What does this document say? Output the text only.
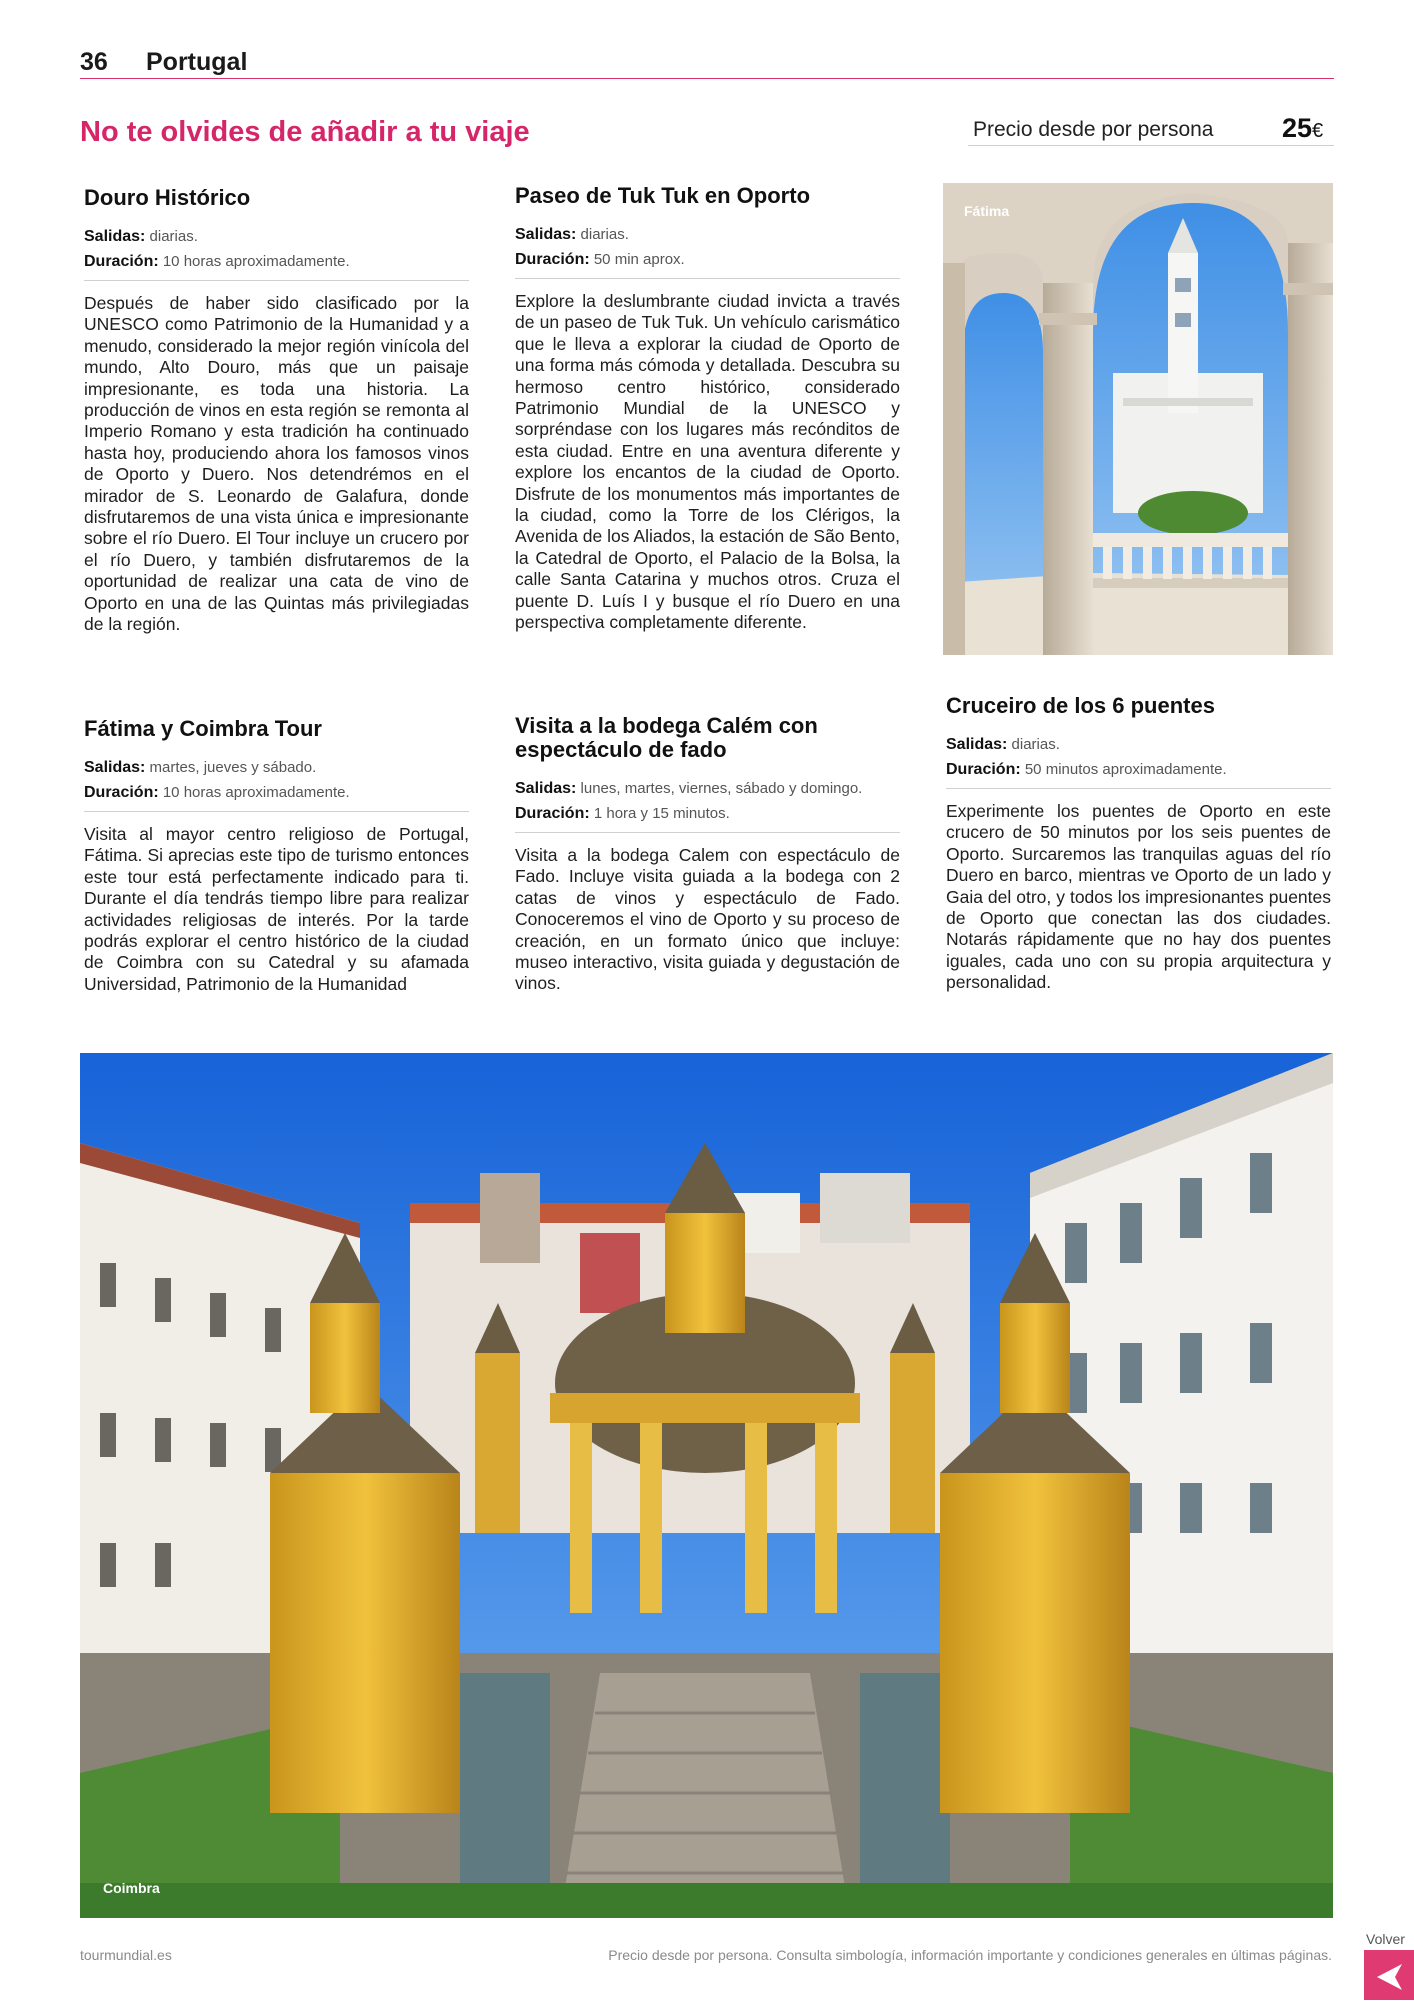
36 Portugal
No te olvides de añadir a tu viaje	Precio desde por persona	25€
Douro Histórico
Salidas: diarias.
Duración: 10 horas aproximadamente.

Después de haber sido clasificado por la UNESCO como Patrimonio de la Humanidad y a menudo, considerado la mejor región vinícola del mundo, Alto Douro, más que un paisaje impresionante, es toda una historia. La producción de vinos en esta región se remonta al Imperio Romano y esta tradición ha continuado hasta hoy, produciendo ahora los famosos vinos de Oporto y Duero. Nos detendrémos en el mirador de S. Leonardo de Galafura, donde disfrutaremos de una vista única e impresionante sobre el río Duero. El Tour incluye un crucero por el río Duero, y también disfrutaremos de la oportunidad de realizar una cata de vino de Oporto en una de las Quintas más privilegiadas de la región.

Paseo de Tuk Tuk en Oporto
Salidas: diarias.
Duración: 50 min aprox.

Explore la deslumbrante ciudad invicta a través de un paseo de Tuk Tuk. Un vehículo carismático que le lleva a explorar la ciudad de Oporto de una forma más cómoda y detallada. Descubra su hermoso centro histórico, considerado Patrimonio Mundial de la UNESCO y sorpréndase con los lugares más recónditos de esta ciudad. Entre en una aventura diferente y explore los encantos de la ciudad de Oporto. Disfrute de los monumentos más importantes de la ciudad, como la Torre de los Clérigos, la Avenida de los Aliados, la estación de São Bento, la Catedral de Oporto, el Palacio de la Bolsa, la calle Santa Catarina y muchos otros. Cruza el puente D. Luís I y busque el río Duero en una perspectiva completamente diferente.

Fátima
Fátima y Coimbra Tour
Salidas: martes, jueves y sábado.
Duración: 10 horas aproximadamente.

Visita al mayor centro religioso de Portugal, Fátima. Si aprecias este tipo de turismo entonces este tour está perfectamente indicado para ti. Durante el día tendrás tiempo libre para realizar actividades religiosas de interés. Por la tarde podrás explorar el centro histórico de la ciudad de Coimbra con su Catedral y su afamada Universidad, Patrimonio de la Humanidad

Visita a la bodega Calém con espectáculo de fado
Salidas: lunes, martes, viernes, sábado y domingo.
Duración: 1 hora y 15 minutos.

Visita a la bodega Calem con espectáculo de Fado. Incluye visita guiada a la bodega con 2 catas de vinos y espectáculo de Fado. Conoceremos el vino de Oporto y su proceso de creación, en un formato único que incluye: museo interactivo, visita guiada y degustación de vinos.

Cruceiro de los 6 puentes
Salidas: diarias.
Duración: 50 minutos aproximadamente.

Experimente los puentes de Oporto en este crucero de 50 minutos por los seis puentes de Oporto. Surcaremos las tranquilas aguas del río Duero en barco, mientras ve Oporto de un lado y Gaia del otro, y todos los impresionantes puentes de Oporto que conectan las dos ciudades. Notarás rápidamente que no hay dos puentes iguales, cada uno con su propia arquitectura y personalidad.

Coimbra
tourmundial.es	Precio desde por persona. Consulta simbología, información importante y condiciones generales en últimas páginas.
Volver
